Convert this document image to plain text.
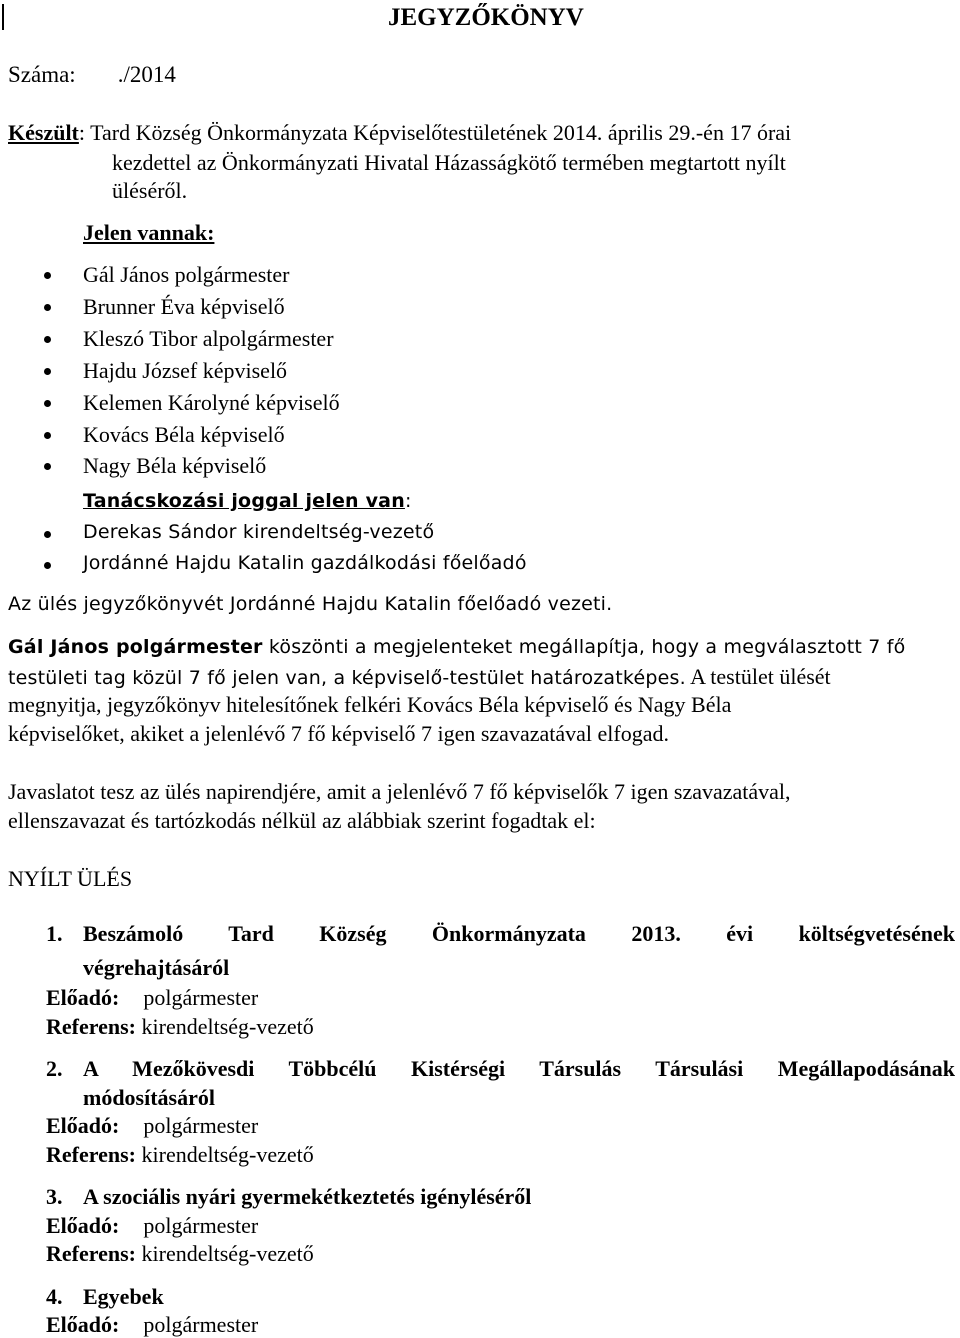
JEGYZŐKÖNYV
Száma: ./2014
Készült: Tard Község Önkormányzata Képviselőtestületének 2014. április 29.-én 17 órai
kezdettel az Önkormányzati Hivatal Házasságkötő termében megtartott nyílt
üléséről.
Jelen vannak:
Gál János polgármester
Brunner Éva képviselő
Kleszó Tibor alpolgármester
Hajdu József képviselő
Kelemen Károlyné képviselő
Kovács Béla képviselő
Nagy Béla képviselő
Tanácskozási joggal jelen van:
Derekas Sándor kirendeltség-vezető
Jordánné Hajdu Katalin gazdálkodási főelőadó
Az ülés jegyzőkönyvét Jordánné Hajdu Katalin főelőadó vezeti.
Gál János polgármester köszönti a megjelenteket megállapítja, hogy a megválasztott 7 fő
testületi tag közül 7 fő jelen van, a képviselő-testület határozatképes. A testület ülését
megnyitja, jegyzőkönyv hitelesítőnek felkéri Kovács Béla képviselő és Nagy Béla
képviselőket, akiket a jelenlévő 7 fő képviselő 7 igen szavazatával elfogad.
Javaslatot tesz az ülés napirendjére, amit a jelenlévő 7 fő képviselők 7 igen szavazatával,
ellenszavazat és tartózkodás nélkül az alábbiak szerint fogadtak el:
NYÍLT ÜLÉS
1. Beszámoló Tard Község Önkormányzata 2013. évi költségvetésének
végrehajtásáról
Előadó: polgármester
Referens: kirendeltség-vezető
2. A Mezőkövesdi Többcélú Kistérségi Társulás Társulási Megállapodásának
módosításáról
Előadó: polgármester
Referens: kirendeltség-vezető
3. A szociális nyári gyermekétkeztetés igényléséről
Előadó: polgármester
Referens: kirendeltség-vezető
4. Egyebek
Előadó: polgármester
